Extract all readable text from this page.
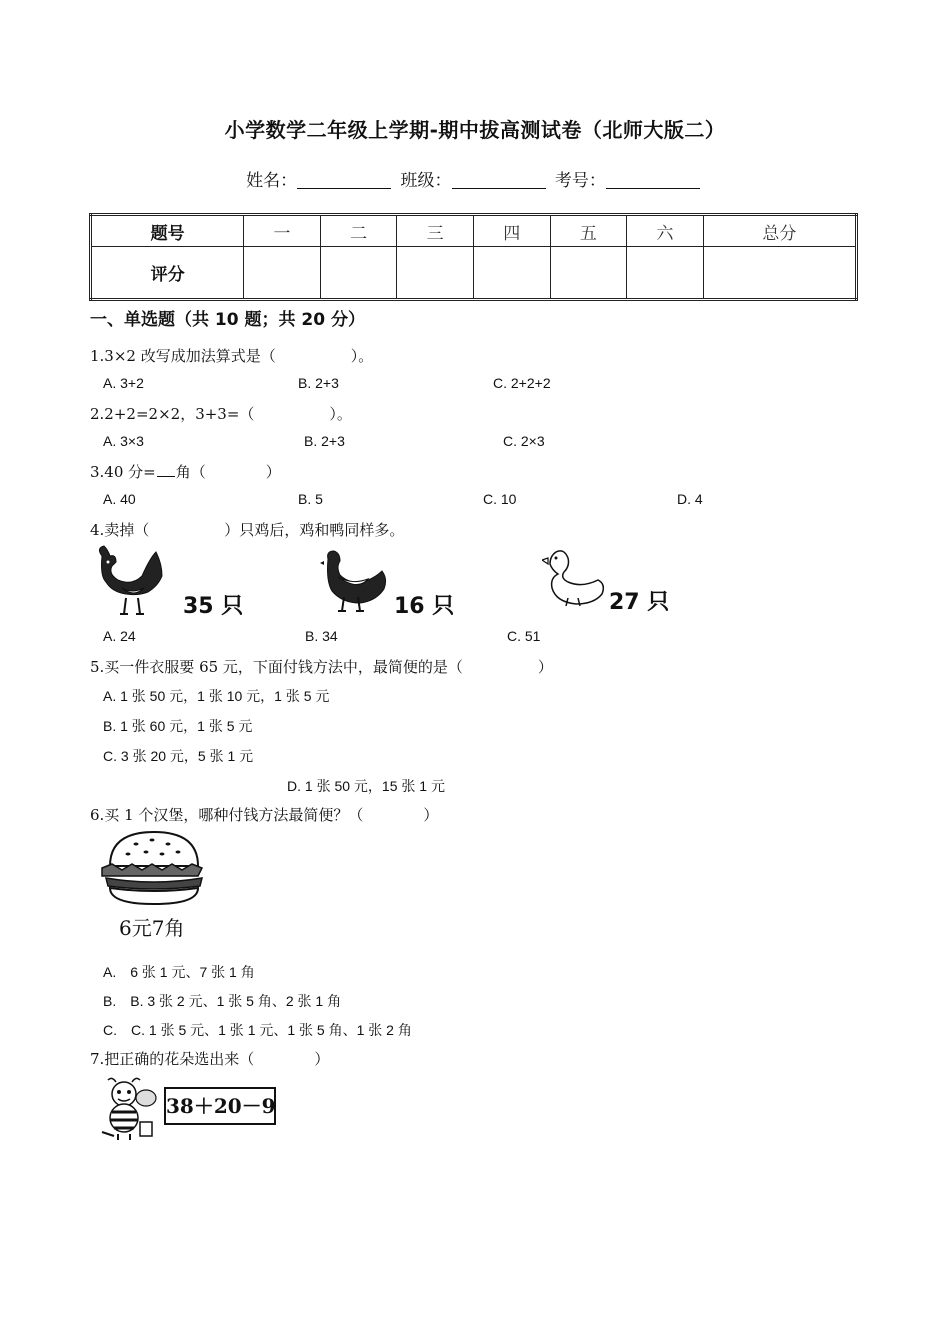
小学数学二年级上学期-期中拔高测试卷（北师大版二）
姓名：	班级：	考号：
题号	一	二	三	四	五	六	总分
评分							
一、单选题（共 10 题；共 20 分）
1.3×2 改写成加法算式是（　　　　　）。
A. 3+2	B. 2+3	C. 2+2+2
2.2+2=2×2，3+3=（　　　　　）。
A. 3×3	B. 2+3	C. 2×3
3.40 分= 角（　　　　）
A. 40	B. 5	C. 10	D. 4
4.卖掉（　　　　　）只鸡后，鸡和鸭同样多。
35 只	16 只	27 只
A. 24	B. 34	C. 51
5.买一件衣服要 65 元，下面付钱方法中，最简便的是（　　　　　）
A. 1 张 50 元，1 张 10 元，1 张 5 元
B. 1 张 60 元，1 张 5 元
C. 3 张 20 元，5 张 1 元
D. 1 张 50 元，15 张 1 元
6.买 1 个汉堡，哪种付钱方法最简便？（　　　　）
6元7角
A.　6 张 1 元、7 张 1 角
B.　B. 3 张 2 元、1 张 5 角、2 张 1 角
C.　C. 1 张 5 元、1 张 1 元、1 张 5 角、1 张 2 角
7.把正确的花朵选出来（　　　　）
38＋20－9
